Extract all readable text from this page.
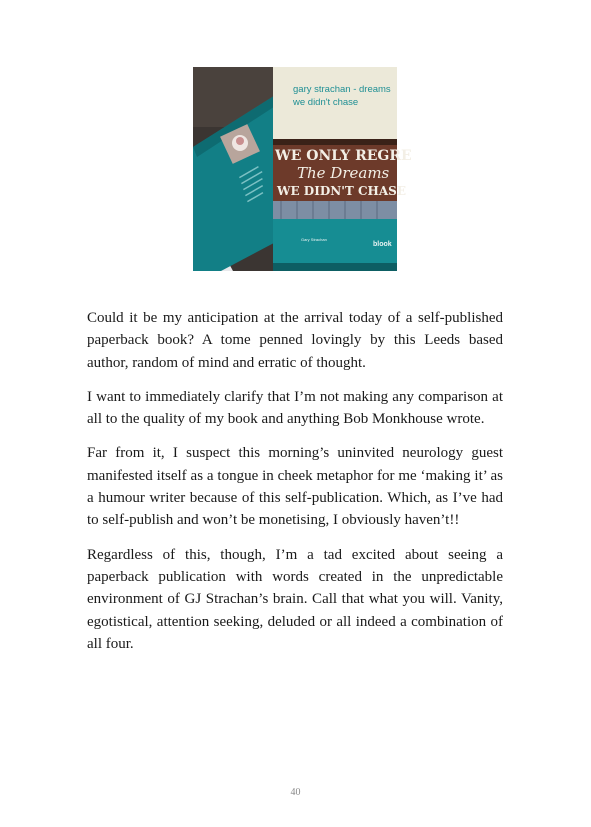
gary strachan - dreams
we didn't chase
WE ONLY REGRE
The Dreams
WE DIDN'T CHASE
Gary Strachan
blook

Could it be my anticipation at the arrival today of a self-published paperback book? A tome penned lovingly by this Leeds based author, random of mind and erratic of thought.

I want to immediately clarify that I’m not making any comparison at all to the quality of my book and anything Bob Monkhouse wrote.

Far from it, I suspect this morning’s uninvited neurology guest manifested itself as a tongue in cheek metaphor for me ‘making it’ as a humour writer because of this self-publication. Which, as I’ve had to self-publish and won’t be monetising, I obviously haven’t!!

Regardless of this, though, I’m a tad excited about seeing a paperback publication with words created in the unpredictable environment of GJ Strachan’s brain. Call that what you will. Vanity, egotistical, attention seeking, deluded or all indeed a combination of all four.

40
